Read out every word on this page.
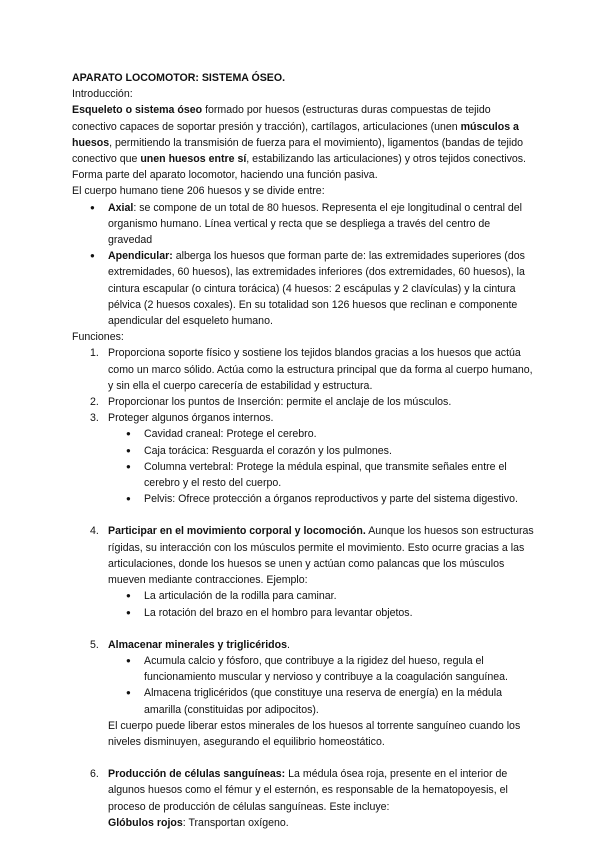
APARATO LOCOMOTOR: SISTEMA ÓSEO.

Introducción:

Esqueleto o sistema óseo formado por huesos (estructuras duras compuestas de tejido conectivo capaces de soportar presión y tracción), cartílagos, articulaciones (unen músculos a huesos, permitiendo la transmisión de fuerza para el movimiento), ligamentos (bandas de tejido conectivo que unen huesos entre sí, estabilizando las articulaciones) y otros tejidos conectivos. Forma parte del aparato locomotor, haciendo una función pasiva.

El cuerpo humano tiene 206 huesos y se divide entre:

● Axial: se compone de un total de 80 huesos. Representa el eje longitudinal o central del organismo humano. Línea vertical y recta que se despliega a través del centro de gravedad
● Apendicular: alberga los huesos que forman parte de: las extremidades superiores (dos extremidades, 60 huesos), las extremidades inferiores (dos extremidades, 60 huesos), la cintura escapular (o cintura torácica) (4 huesos: 2 escápulas y 2 clavículas) y la cintura pélvica (2 huesos coxales). En su totalidad son 126 huesos que reclinan e componente apendicular del esqueleto humano.

Funciones:

1. Proporciona soporte físico y sostiene los tejidos blandos gracias a los huesos que actúa como un marco sólido. Actúa como la estructura principal que da forma al cuerpo humano, y sin ella el cuerpo carecería de estabilidad y estructura.
2. Proporcionar los puntos de Inserción: permite el anclaje de los músculos.
3. Proteger algunos órganos internos.
● Cavidad craneal: Protege el cerebro.
● Caja torácica: Resguarda el corazón y los pulmones.
● Columna vertebral: Protege la médula espinal, que transmite señales entre el cerebro y el resto del cuerpo.
● Pelvis: Ofrece protección a órganos reproductivos y parte del sistema digestivo.
4. Participar en el movimiento corporal y locomoción. Aunque los huesos son estructuras rígidas, su interacción con los músculos permite el movimiento. Esto ocurre gracias a las articulaciones, donde los huesos se unen y actúan como palancas que los músculos mueven mediante contracciones. Ejemplo:
● La articulación de la rodilla para caminar.
● La rotación del brazo en el hombro para levantar objetos.
5. Almacenar minerales y triglicéridos.
● Acumula calcio y fósforo, que contribuye a la rigidez del hueso, regula el funcionamiento muscular y nervioso y contribuye a la coagulación sanguínea.
● Almacena triglicéridos (que constituye una reserva de energía) en la médula amarilla (constituidas por adipocitos).

El cuerpo puede liberar estos minerales de los huesos al torrente sanguíneo cuando los niveles disminuyen, asegurando el equilibrio homeostático.

6. Producción de células sanguíneas: La médula ósea roja, presente en el interior de algunos huesos como el fémur y el esternón, es responsable de la hematopoyesis, el proceso de producción de células sanguíneas. Este incluye:

Glóbulos rojos: Transportan oxígeno.
